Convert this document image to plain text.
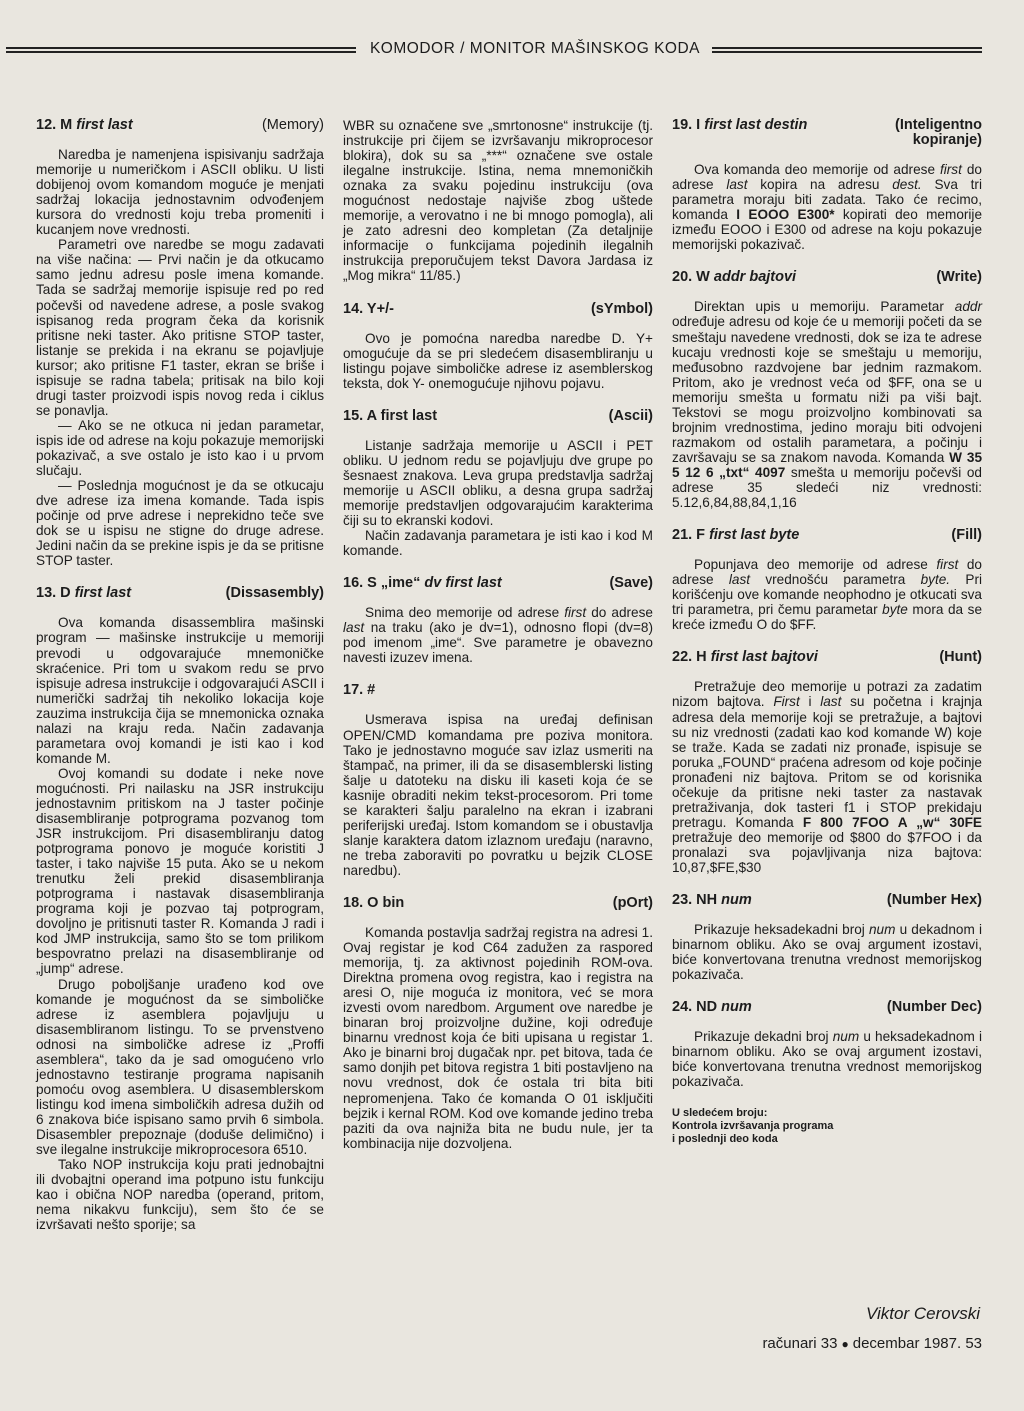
KOMODOR / MONITOR MAŠINSKOG KODA
12. M first last	(Memory)

Naredba je namenjena ispisivanju sadržaja memorije u numeričkom i ASCII obliku. U listi dobijenoj ovom komandom moguće je menjati sadržaj lokacija jednostavnim odvođenjem kursora do vrednosti koju treba promeniti i kucanjem nove vrednosti.

Parametri ove naredbe se mogu zadavati na više načina: — Prvi način je da otkucamo samo jednu adresu posle imena komande. Tada se sadržaj memorije ispisuje red po red počevši od navedene adrese, a posle svakog ispisanog reda program čeka da korisnik pritisne neki taster. Ako pritisne STOP taster, listanje se prekida i na ekranu se pojavljuje kursor; ako pritisne F1 taster, ekran se briše i ispisuje se radna tabela; pritisak na bilo koji drugi taster proizvodi ispis novog reda i ciklus se ponavlja.

— Ako se ne otkuca ni jedan parametar, ispis ide od adrese na koju pokazuje memorijski pokazivač, a sve ostalo je isto kao i u prvom slučaju.

— Poslednja mogućnost je da se otkucaju dve adrese iza imena komande. Tada ispis počinje od prve adrese i neprekidno teče sve dok se u ispisu ne stigne do druge adrese. Jedini način da se prekine ispis je da se pritisne STOP taster.

13. D first last	(Dissasembly)

Ova komanda disassemblira mašinski program — mašinske instrukcije u memoriji prevodi u odgovarajuće mnemoničke skraćenice. Pri tom u svakom redu se prvo ispisuje adresa instrukcije i odgovarajući ASCII i numerički sadržaj tih nekoliko lokacija koje zauzima instrukcija čija se mnemonicka oznaka nalazi na kraju reda. Način zadavanja parametara ovoj komandi je isti kao i kod komande M.

Ovoj komandi su dodate i neke nove mogućnosti. Pri nailasku na JSR instrukciju jednostavnim pritiskom na J taster počinje disasembliranje potprograma pozvanog tom JSR instrukcijom. Pri disasembliranju datog potprograma ponovo je moguće koristiti J taster, i tako najviše 15 puta. Ako se u nekom trenutku želi prekid disasembliranja potprograma i nastavak disasembliranja programa koji je pozvao taj potprogram, dovoljno je pritisnuti taster R. Komanda J radi i kod JMP instrukcija, samo što se tom prilikom bespovratno prelazi na disasembliranje od „jump“ adrese.

Drugo poboljšanje urađeno kod ove komande je mogućnost da se simboličke adrese iz asemblera pojavljuju u disasembliranom listingu. To se prvenstveno odnosi na simboličke adrese iz „Proffi asemblera“, tako da je sad omogućeno vrlo jednostavno testiranje programa napisanih pomoću ovog asemblera. U disasemblerskom listingu kod imena simboličkih adresa dužih od 6 znakova biće ispisano samo prvih 6 simbola. Disasembler prepoznaje (doduše delimično) i sve ilegalne instrukcije mikroprocesora 6510.

Tako NOP instrukcija koju prati jednobajtni ili dvobajtni operand ima potpuno istu funkciju kao i obična NOP naredba (operand, pritom, nema nikakvu funkciju), sem što će se izvršavati nešto sporije; sa

WBR su označene sve „smrtonosne“ instrukcije (tj. instrukcije pri čijem se izvršavanju mikroprocesor blokira), dok su sa „***“ označene sve ostale ilegalne instrukcije. Istina, nema mnemoničkih oznaka za svaku pojedinu instrukciju (ova mogućnost nedostaje najviše zbog uštede memorije, a verovatno i ne bi mnogo pomogla), ali je zato adresni deo kompletan (Za detaljnije informacije o funkcijama pojedinih ilegalnih instrukcija preporučujem tekst Davora Jardasa iz „Mog mikra“ 11/85.)

14. Y+/-	(sYmbol)

Ovo je pomoćna naredba naredbe D. Y+ omogućuje da se pri sledećem disasembliranju u listingu pojave simboličke adrese iz asemblerskog teksta, dok Y- onemogućuje njihovu pojavu.

15. A first last	(Ascii)

Listanje sadržaja memorije u ASCII i PET obliku. U jednom redu se pojavljuju dve grupe po šesnaest znakova. Leva grupa predstavlja sadržaj memorije u ASCII obliku, a desna grupa sadržaj memorije predstavljen odgovarajućim karakterima čiji su to ekranski kodovi.

Način zadavanja parametara je isti kao i kod M komande.

16. S „ime“ dv first last	(Save)

Snima deo memorije od adrese first do adrese last na traku (ako je dv=1), odnosno flopi (dv=8) pod imenom „ime“. Sve parametre je obavezno navesti izuzev imena.

17. #

Usmerava ispisa na uređaj definisan OPEN/CMD komandama pre poziva monitora. Tako je jednostavno moguće sav izlaz usmeriti na štampač, na primer, ili da se disasemblerski listing šalje u datoteku na disku ili kaseti koja će se kasnije obraditi nekim tekst-procesorom. Pri tome se karakteri šalju paralelno na ekran i izabrani periferijski uređaj. Istom komandom se i obustavlja slanje karaktera datom izlaznom uređaju (naravno, ne treba zaboraviti po povratku u bejzik CLOSE naredbu).

18. O bin	(pOrt)

Komanda postavlja sadržaj registra na adresi 1. Ovaj registar je kod C64 zadužen za raspored memorija, tj. za aktivnost pojedinih ROM-ova. Direktna promena ovog registra, kao i registra na aresi O, nije moguća iz monitora, već se mora izvesti ovom naredbom. Argument ove naredbe je binaran broj proizvoljne dužine, koji određuje binarnu vrednost koja će biti upisana u registar 1. Ako je binarni broj dugačak npr. pet bitova, tada će samo donjih pet bitova registra 1 biti postavljeno na novu vrednost, dok će ostala tri bita biti nepromenjena. Tako će komanda O 01 isključiti bejzik i kernal ROM. Kod ove komande jedino treba paziti da ova najniža bita ne budu nule, jer ta kombinacija nije dozvoljena.

19. I first last destin	(Inteligentno kopiranje)

Ova komanda deo memorije od adrese first do adrese last kopira na adresu dest. Sva tri parametra moraju biti zadata. Tako će recimo, komanda I EOOO E300* kopirati deo memorije između EOOO i E300 od adrese na koju pokazuje memorijski pokazivač.

20. W addr bajtovi	(Write)

Direktan upis u memoriju. Parametar addr određuje adresu od koje će u memoriji početi da se smeštaju navedene vrednosti, dok se iza te adrese kucaju vrednosti koje se smeštaju u memoriju, međusobno razdvojene bar jednim razmakom. Pritom, ako je vrednost veća od $FF, ona se u memoriju smešta u formatu niži pa viši bajt. Tekstovi se mogu proizvoljno kombinovati sa brojnim vrednostima, jedino moraju biti odvojeni razmakom od ostalih parametara, a počinju i završavaju se sa znakom navoda. Komanda W 35 5 12 6 „txt“ 4097 smešta u memoriju počevši od adrese 35 sledeći niz vrednosti: 5.12,6,84,88,84,1,16

21. F first last byte	(Fill)

Popunjava deo memorije od adrese first do adrese last vrednošću parametra byte. Pri korišćenju ove komande neophodno je otkucati sva tri parametra, pri čemu parametar byte mora da se kreće između O do $FF.

22. H first last bajtovi	(Hunt)

Pretražuje deo memorije u potrazi za zadatim nizom bajtova. First i last su početna i krajnja adresa dela memorije koji se pretražuje, a bajtovi su niz vrednosti (zadati kao kod komande W) koje se traže. Kada se zadati niz pronađe, ispisuje se poruka „FOUND“ praćena adresom od koje počinje pronađeni niz bajtova. Pritom se od korisnika očekuje da pritisne neki taster za nastavak pretraživanja, dok tasteri f1 i STOP prekidaju pretragu. Komanda F 800 7FOO A „w“ 30FE pretražuje deo memorije od $800 do $7FOO i da pronalazi sva pojavljivanja niza bajtova: 10,87,$FE,$30

23. NH num	(Number Hex)

Prikazuje heksadekadni broj num u dekadnom i binarnom obliku. Ako se ovaj argument izostavi, biće konvertovana trenutna vrednost memorijskog pokazivača.

24. ND num	(Number Dec)

Prikazuje dekadni broj num u heksadekadnom i binarnom obliku. Ako se ovaj argument izostavi, biće konvertovana trenutna vrednost memorijskog pokazivača.

U sledećem broju:
Kontrola izvršavanja programa
i poslednji deo koda
Viktor Cerovski
računari 33 ● decembar 1987. 53
